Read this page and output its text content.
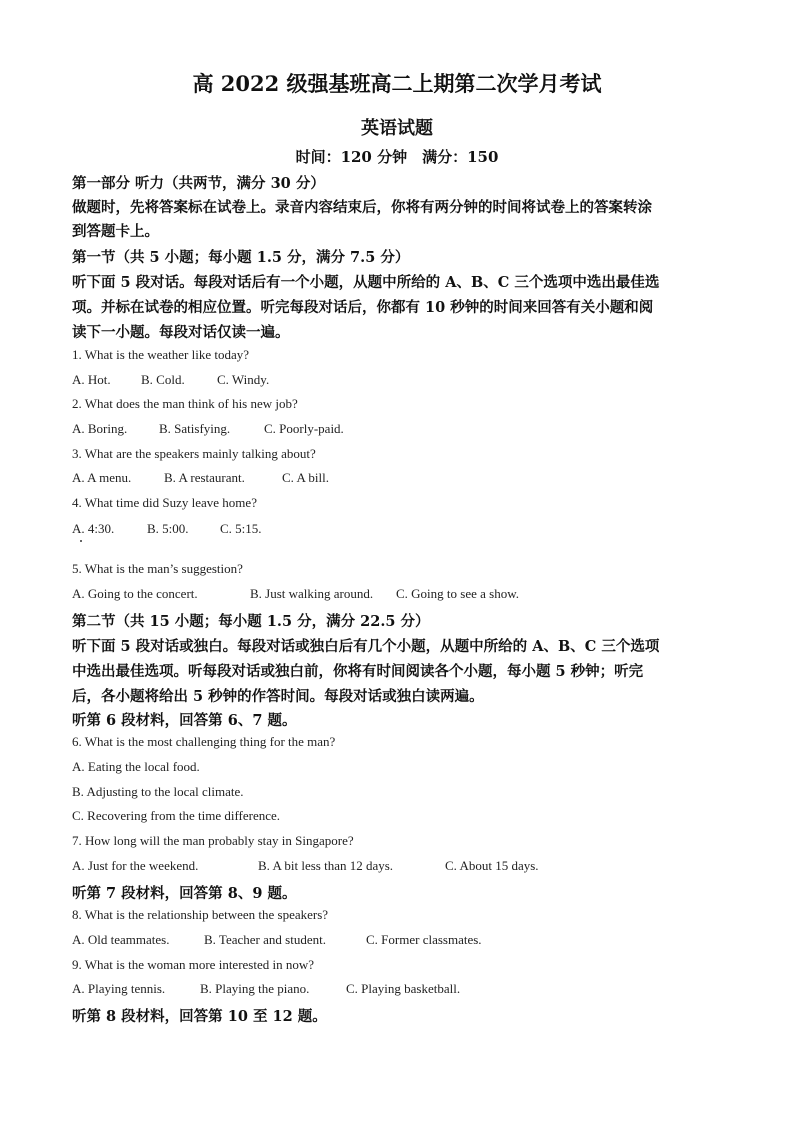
高 2022 级强基班高二上期第二次学月考试
英语试题
时间：120 分钟　满分：150
第一部分 听力（共两节，满分 30 分）
做题时，先将答案标在试卷上。录音内容结束后，你将有两分钟的时间将试卷上的答案转涂
到答题卡上。
第一节（共 5 小题；每小题 1.5 分，满分 7.5 分）
听下面 5 段对话。每段对话后有一个小题，从题中所给的 A、B、C 三个选项中选出最佳选
项。并标在试卷的相应位置。听完每段对话后，你都有 10 秒钟的时间来回答有关小题和阅
读下一小题。每段对话仅读一遍。
1. What is the weather like today?
A. Hot. B. Cold. C. Windy.
2. What does the man think of his new job?
A. Boring. B. Satisfying.	C. Poorly-paid.
3. What are the speakers mainly talking about?
A. A menu.	B. A restaurant.	C. A bill.
4. What time did Suzy leave home?
A. 4:30.	B. 5:00. C. 5:15.
5. What is the man’s suggestion?
A. Going to the concert.	B. Just walking around. C. Going to see a show.
第二节（共 15 小题；每小题 1.5 分，满分 22.5 分）
听下面 5 段对话或独白。每段对话或独白后有几个小题，从题中所给的 A、B、C 三个选项
中选出最佳选项。听每段对话或独白前，你将有时间阅读各个小题，每小题 5 秒钟；听完
后，各小题将给出 5 秒钟的作答时间。每段对话或独白读两遍。
听第 6 段材料，回答第 6、7 题。
6. What is the most challenging thing for the man?
A. Eating the local food.
B. Adjusting to the local climate.
C. Recovering from the time difference.
7. How long will the man probably stay in Singapore?
A. Just for the weekend.	B. A bit less than 12 days.	C. About 15 days.
听第 7 段材料，回答第 8、9 题。
8. What is the relationship between the speakers?
A. Old teammates.	B. Teacher and student.	C. Former classmates.
9. What is the woman more interested in now?
A. Playing tennis.	B. Playing the piano.	C. Playing basketball.
听第 8 段材料，回答第 10 至 12 题。
